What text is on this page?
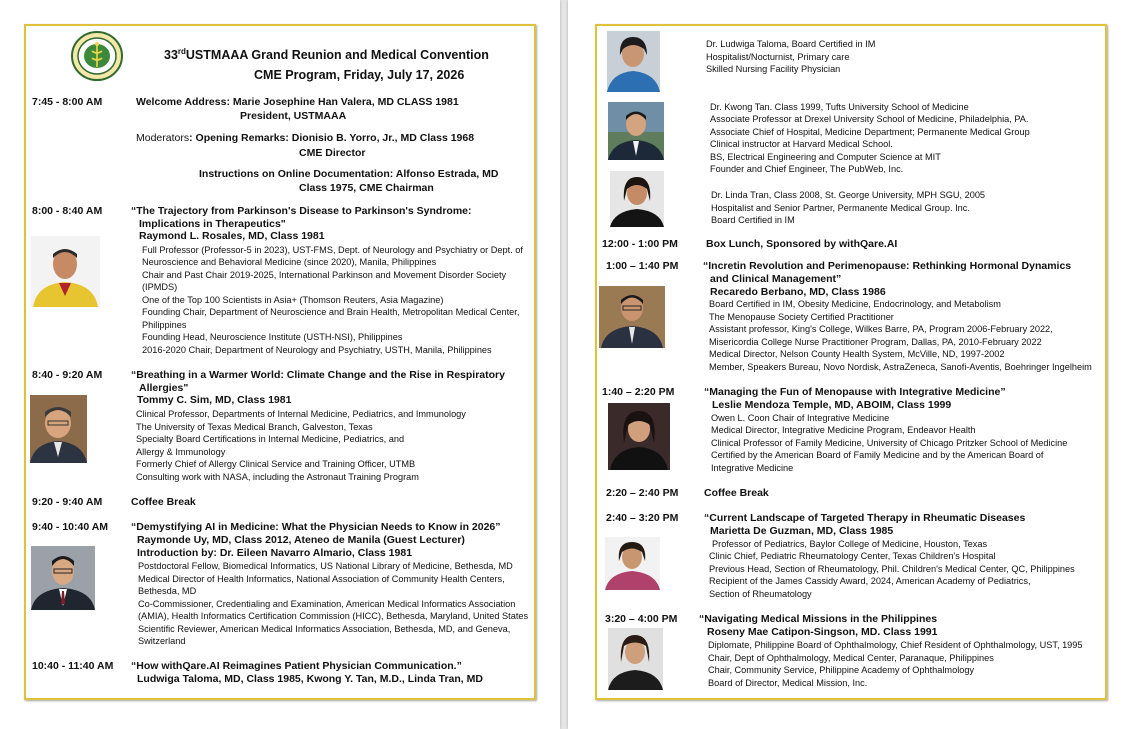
33rdUSTMAAA Grand Reunion and Medical Convention
CME Program, Friday, July 17, 2026
7:45 - 8:00 AM	Welcome Address: Marie Josephine Han Valera, MD CLASS 1981
President, USTMAAA
Moderators: Opening Remarks: Dionisio B. Yorro, Jr., MD Class 1968
CME Director
Instructions on Online Documentation: Alfonso Estrada, MD
Class 1975, CME Chairman
8:00 - 8:40 AM	“The Trajectory from Parkinson's Disease to Parkinson's Syndrome:
Implications in Therapeutics"
Raymond L. Rosales, MD, Class 1981
Full Professor (Professor-5 in 2023), UST-FMS, Dept. of Neurology and Psychiatry or Dept. of
Neuroscience and Behavioral Medicine (since 2020), Manila, Philippines
Chair and Past Chair 2019-2025, International Parkinson and Movement Disorder Society
(IPMDS)
One of the Top 100 Scientists in Asia+ (Thomson Reuters, Asia Magazine)
Founding Chair, Department of Neuroscience and Brain Health, Metropolitan Medical Center,
Philippines
Founding Head, Neuroscience Institute (USTH-NSI), Philippines
2016-2020 Chair, Department of Neurology and Psychiatry, USTH, Manila, Philippines
8:40 - 9:20 AM	“Breathing in a Warmer World: Climate Change and the Rise in Respiratory
Allergies"
Tommy C. Sim, MD, Class 1981
Clinical Professor, Departments of Internal Medicine, Pediatrics, and Immunology
The University of Texas Medical Branch, Galveston, Texas
Specialty Board Certifications in Internal Medicine, Pediatrics, and
Allergy & Immunology
Formerly Chief of Allergy Clinical Service and Training Officer, UTMB
Consulting work with NASA, including the Astronaut Training Program
9:20 - 9:40 AM	Coffee Break
9:40 - 10:40 AM “Demystifying AI in Medicine: What the Physician Needs to Know in 2026”
Raymonde Uy, MD, Class 2012, Ateneo de Manila (Guest Lecturer)
Introduction by: Dr. Eileen Navarro Almario, Class 1981
Postdoctoral Fellow, Biomedical Informatics, US National Library of Medicine, Bethesda, MD
Medical Director of Health Informatics, National Association of Community Health Centers,
Bethesda, MD
Co-Commissioner, Credentialing and Examination, American Medical Informatics Association
(AMIA), Health Informatics Certification Commission (HICC), Bethesda, Maryland, United States
Scientific Reviewer, American Medical Informatics Association, Bethesda, MD, and Geneva,
Switzerland
10:40 - 11:40 AM “How withQare.AI Reimagines Patient Physician Communication.”
Ludwiga Taloma, MD, Class 1985, Kwong Y. Tan, M.D., Linda Tran, MD
Dr. Ludwiga Taloma, Board Certified in IM
Hospitalist/Nocturnist, Primary care
Skilled Nursing Facility Physician
Dr. Kwong Tan. Class 1999, Tufts University School of Medicine
Associate Professor at Drexel University School of Medicine, Philadelphia, PA.
Associate Chief of Hospital, Medicine Department; Permanente Medical Group
Clinical instructor at Harvard Medical School.
BS, Electrical Engineering and Computer Science at MIT
Founder and Chief Engineer, The PubWeb, Inc.
Dr. Linda Tran, Class 2008, St. George University, MPH SGU, 2005
Hospitalist and Senior Partner, Permanente Medical Group. Inc.
Board Certified in IM
12:00 - 1:00 PM	Box Lunch, Sponsored by withQare.AI
1:00 – 1:40 PM “Incretin Revolution and Perimenopause: Rethinking Hormonal Dynamics
and Clinical Management”
Recaredo Berbano, MD, Class 1986
Board Certified in IM, Obesity Medicine, Endocrinology, and Metabolism
The Menopause Society Certified Practitioner
Assistant professor, King's College, Wilkes Barre, PA, Program 2006-February 2022,
Misericordia College Nurse Practitioner Program, Dallas, PA, 2010-February 2022
Medical Director, Nelson County Health System, McVille, ND, 1997-2002
Member, Speakers Bureau, Novo Nordisk, AstraZeneca, Sanofi-Aventis, Boehringer Ingelheim
1:40 – 2:20 PM	“Managing the Fun of Menopause with Integrative Medicine”
Leslie Mendoza Temple, MD, ABOIM, Class 1999
Owen L. Coon Chair of Integrative Medicine
Medical Director, Integrative Medicine Program, Endeavor Health
Clinical Professor of Family Medicine, University of Chicago Pritzker School of Medicine
Certified by the American Board of Family Medicine and by the American Board of
Integrative Medicine
2:20 – 2:40 PM Coffee Break
2:40 – 3:20 PM “Current Landscape of Targeted Therapy in Rheumatic Diseases
Marietta De Guzman, MD, Class 1985
Professor of Pediatrics, Baylor College of Medicine, Houston, Texas
Clinic Chief, Pediatric Rheumatology Center, Texas Children's Hospital
Previous Head, Section of Rheumatology, Phil. Children's Medical Center, QC, Philippines
Recipient of the James Cassidy Award, 2024, American Academy of Pediatrics,
Section of Rheumatology
3:20 – 4:00 PM “Navigating Medical Missions in the Philippines
Roseny Mae Catipon-Singson, MD. Class 1991
Diplomate, Philippine Board of Ophthalmology, Chief Resident of Ophthalmology, UST, 1995
Chair, Dept of Ophthalmology, Medical Center, Paranaque, Philippines
Chair, Community Service, Philippine Academy of Ophthalmology
Board of Director, Medical Mission, Inc.
